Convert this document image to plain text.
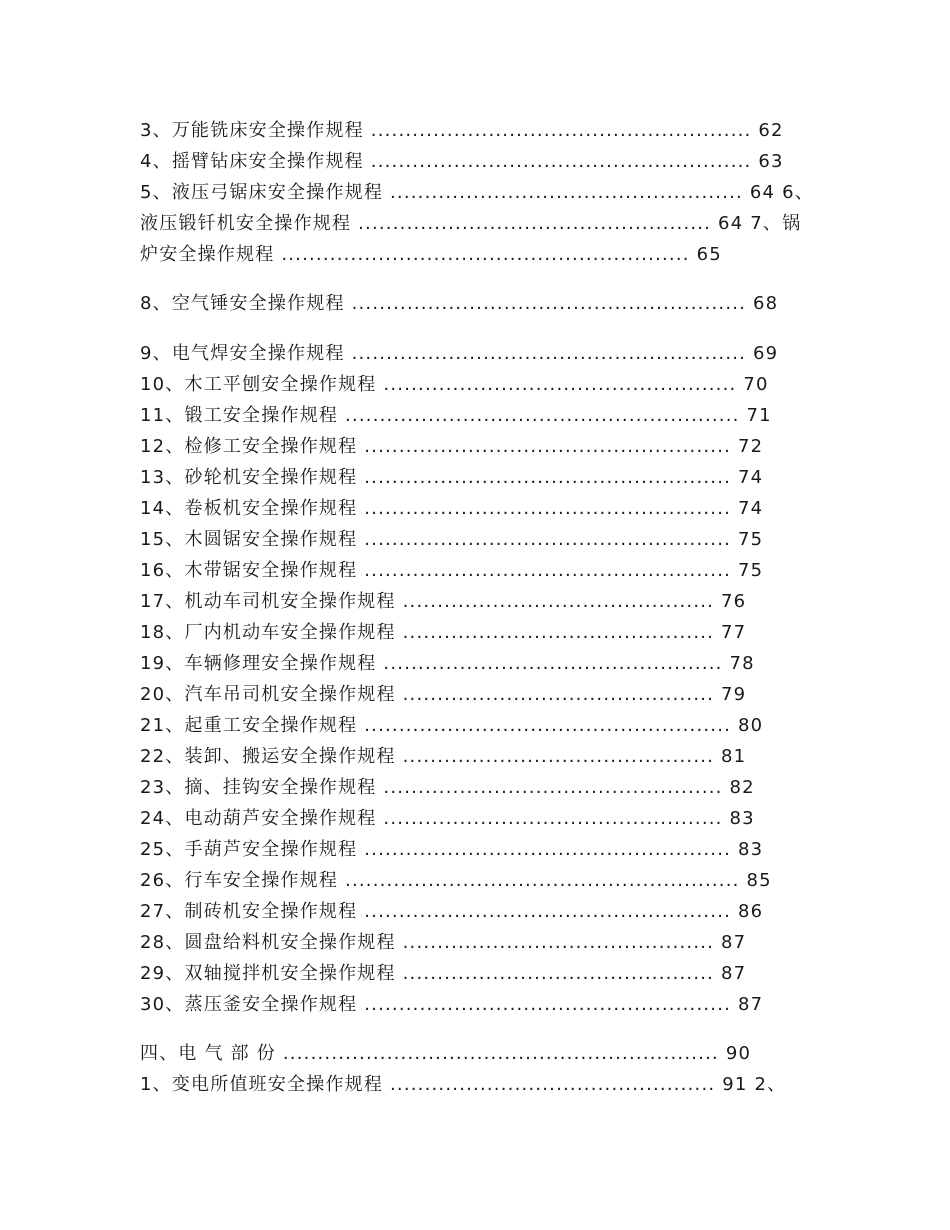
3、万能铣床安全操作规程 ....................................................... 62
4、摇臂钻床安全操作规程 ....................................................... 63
5、液压弓锯床安全操作规程 ................................................... 64 6、
液压锻钎机安全操作规程 ................................................... 64 7、锅
炉安全操作规程 ........................................................... 65
8、空气锤安全操作规程 ......................................................... 68
9、电气焊安全操作规程 ......................................................... 69
10、木工平刨安全操作规程 ................................................... 70
11、锻工安全操作规程 ......................................................... 71
12、检修工安全操作规程 ..................................................... 72
13、砂轮机安全操作规程 ..................................................... 74
14、卷板机安全操作规程 ..................................................... 74
15、木圆锯安全操作规程 ..................................................... 75
16、木带锯安全操作规程 ..................................................... 75
17、机动车司机安全操作规程 ............................................. 76
18、厂内机动车安全操作规程 ............................................. 77
19、车辆修理安全操作规程 ................................................. 78
20、汽车吊司机安全操作规程 ............................................. 79
21、起重工安全操作规程 ..................................................... 80
22、装卸、搬运安全操作规程 ............................................. 81
23、摘、挂钩安全操作规程 ................................................. 82
24、电动葫芦安全操作规程 ................................................. 83
25、手葫芦安全操作规程 ..................................................... 83
26、行车安全操作规程 ......................................................... 85
27、制砖机安全操作规程 ..................................................... 86
28、圆盘给料机安全操作规程 ............................................. 87
29、双轴搅拌机安全操作规程 ............................................. 87
30、蒸压釜安全操作规程 ..................................................... 87
四、电 气 部 份 ............................................................... 90
1、变电所值班安全操作规程 ............................................... 91 2、
